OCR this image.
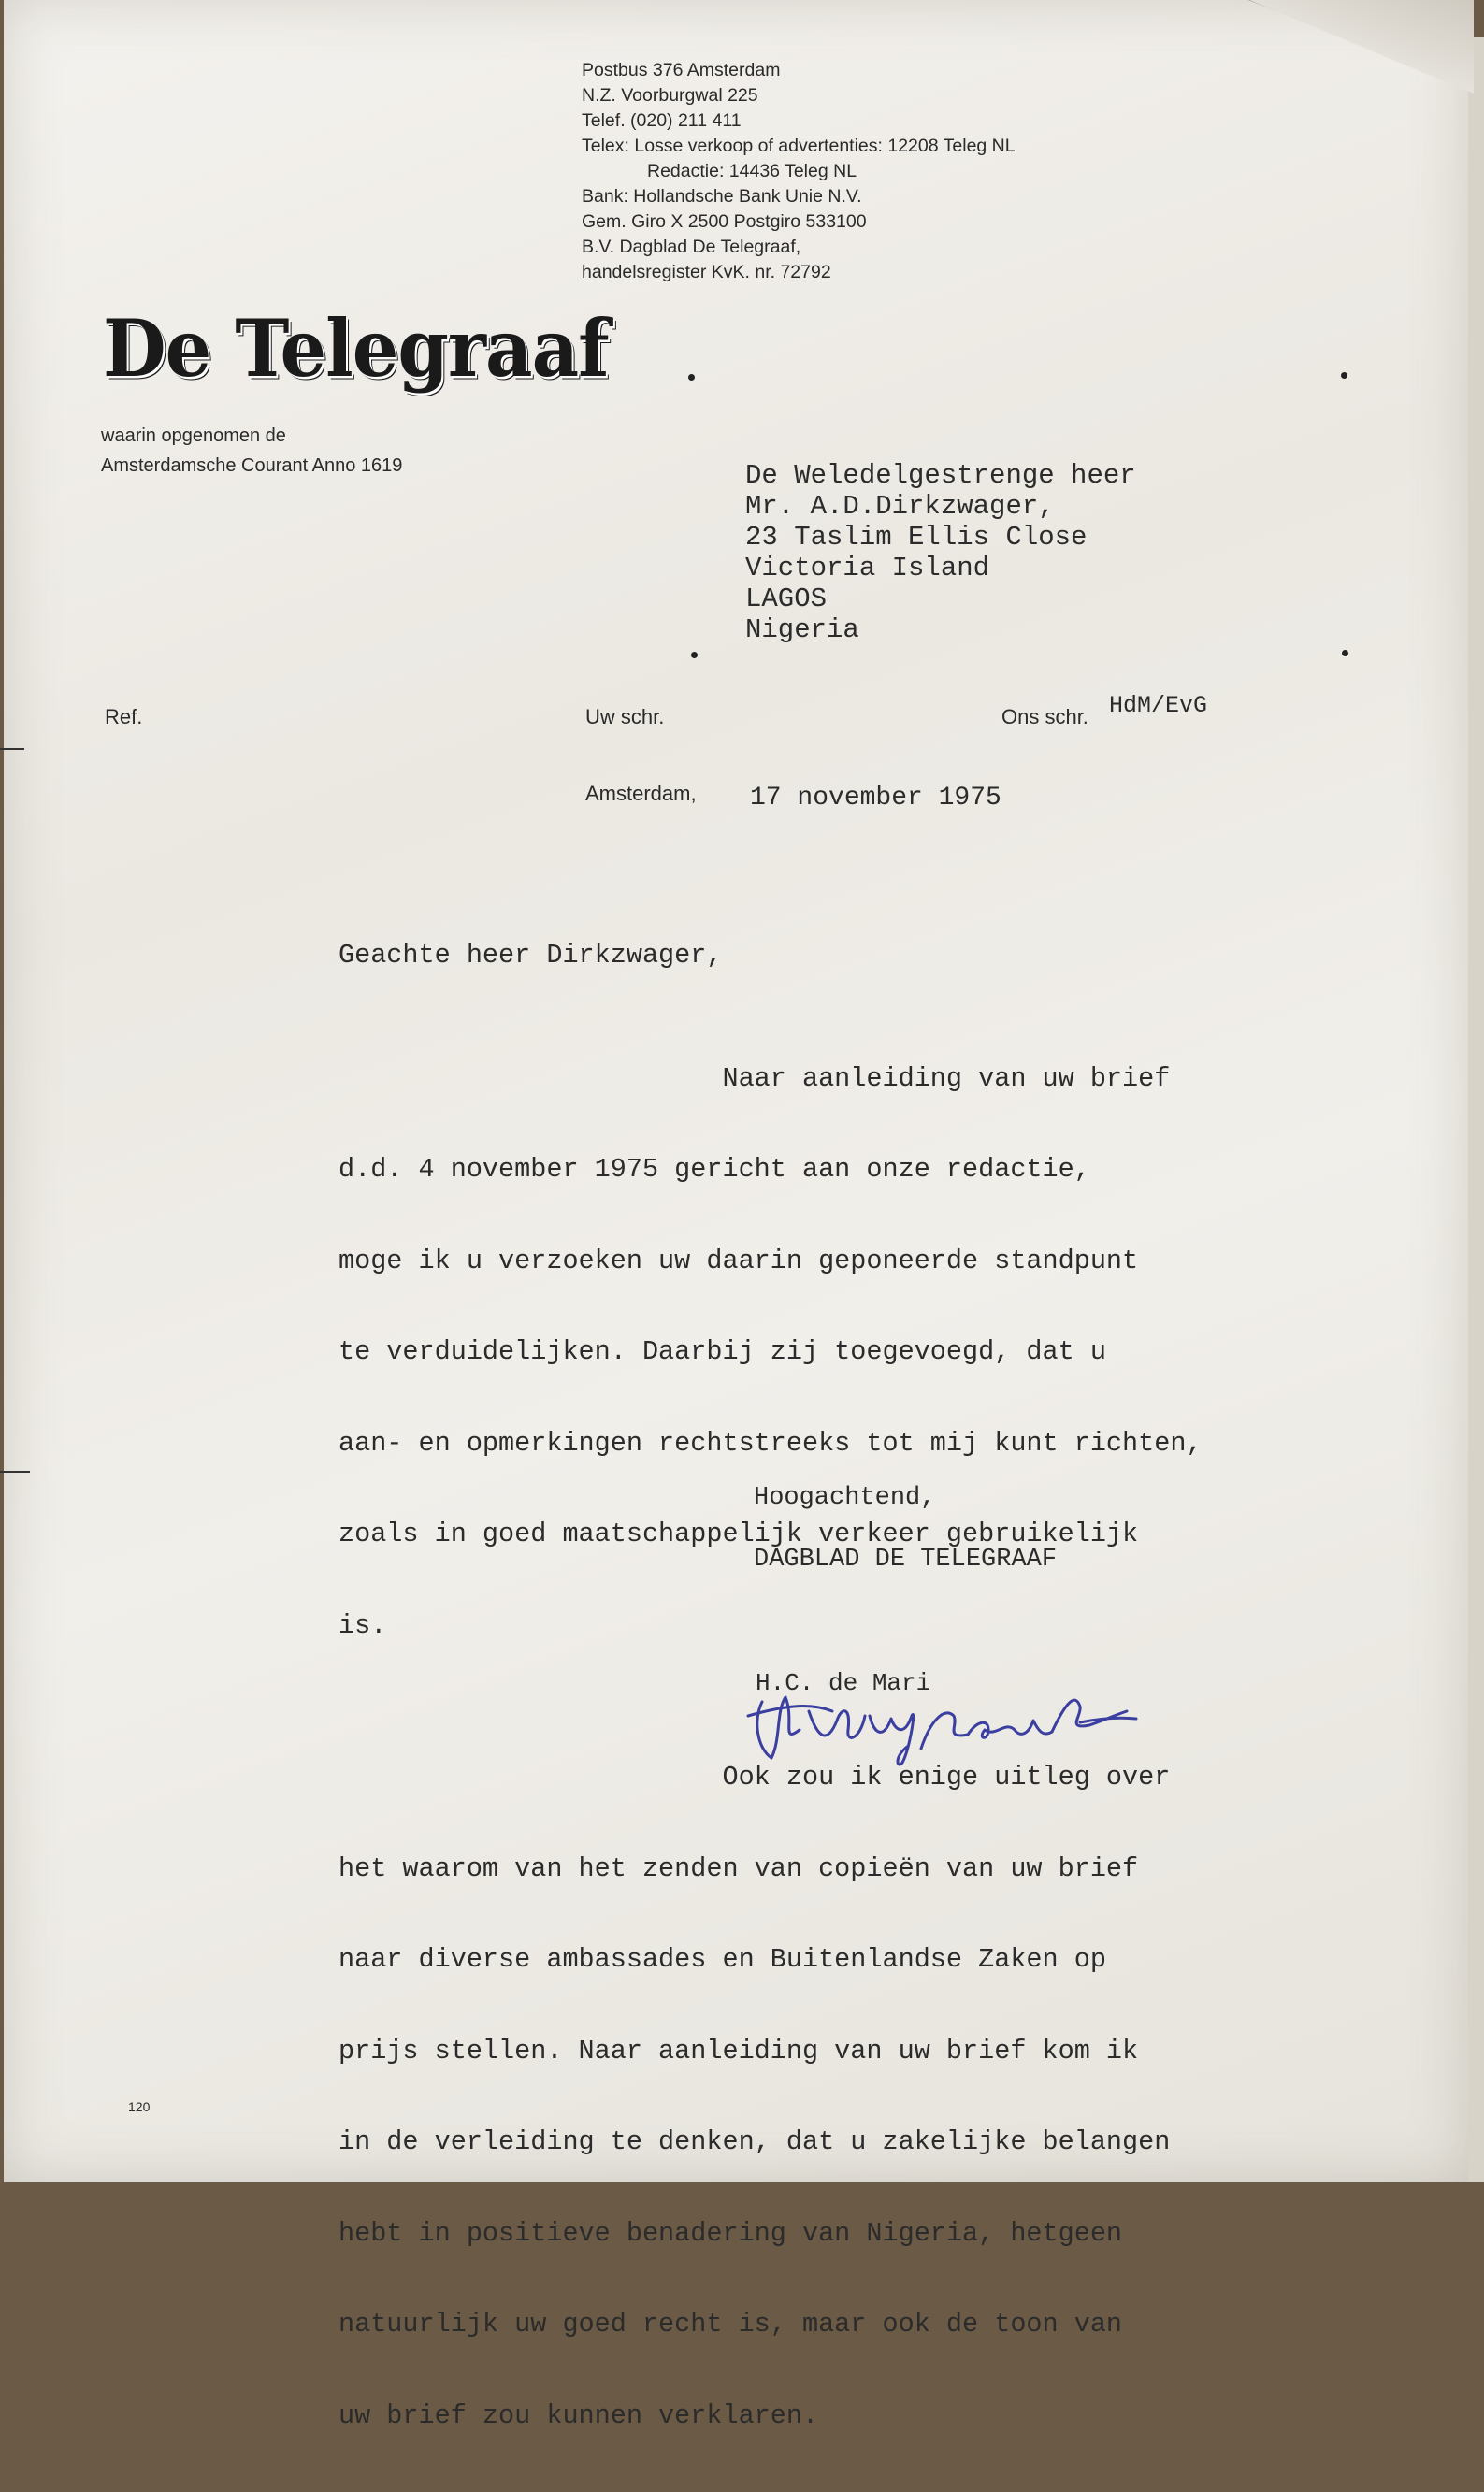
Postbus 376 Amsterdam
N.Z. Voorburgwal 225
Telef. (020) 211 411
Telex: Losse verkoop of advertenties: 12208 Teleg NL
Redactie: 14436 Teleg NL
Bank: Hollandsche Bank Unie N.V.
Gem. Giro X 2500 Postgiro 533100
B.V. Dagblad De Telegraaf,
handelsregister KvK. nr. 72792
De Telegraaf
waarin opgenomen de
Amsterdamsche Courant Anno 1619	De Weledelgestrenge heer
Mr. A.D.Dirkzwager,
23 Taslim Ellis Close
Victoria Island
LAGOS
Nigeria
Ref.	Uw schr.	Ons schr. HdM/EvG
Amsterdam, 17 november 1975
Geachte heer Dirkzwager,

Naar aanleiding van uw brief

d.d. 4 november 1975 gericht aan onze redactie,

moge ik u verzoeken uw daarin geponeerde standpunt

te verduidelijken. Daarbij zij toegevoegd, dat u

aan- en opmerkingen rechtstreeks tot mij kunt richten,

zoals in goed maatschappelijk verkeer gebruikelijk

is.

Ook zou ik enige uitleg over

het waarom van het zenden van copieën van uw brief

naar diverse ambassades en Buitenlandse Zaken op

prijs stellen. Naar aanleiding van uw brief kom ik

in de verleiding te denken, dat u zakelijke belangen

hebt in positieve benadering van Nigeria, hetgeen

natuurlijk uw goed recht is, maar ook de toon van

uw brief zou kunnen verklaren.

Hoogachtend,
DAGBLAD DE TELEGRAAF
H.C. de Mari
120
